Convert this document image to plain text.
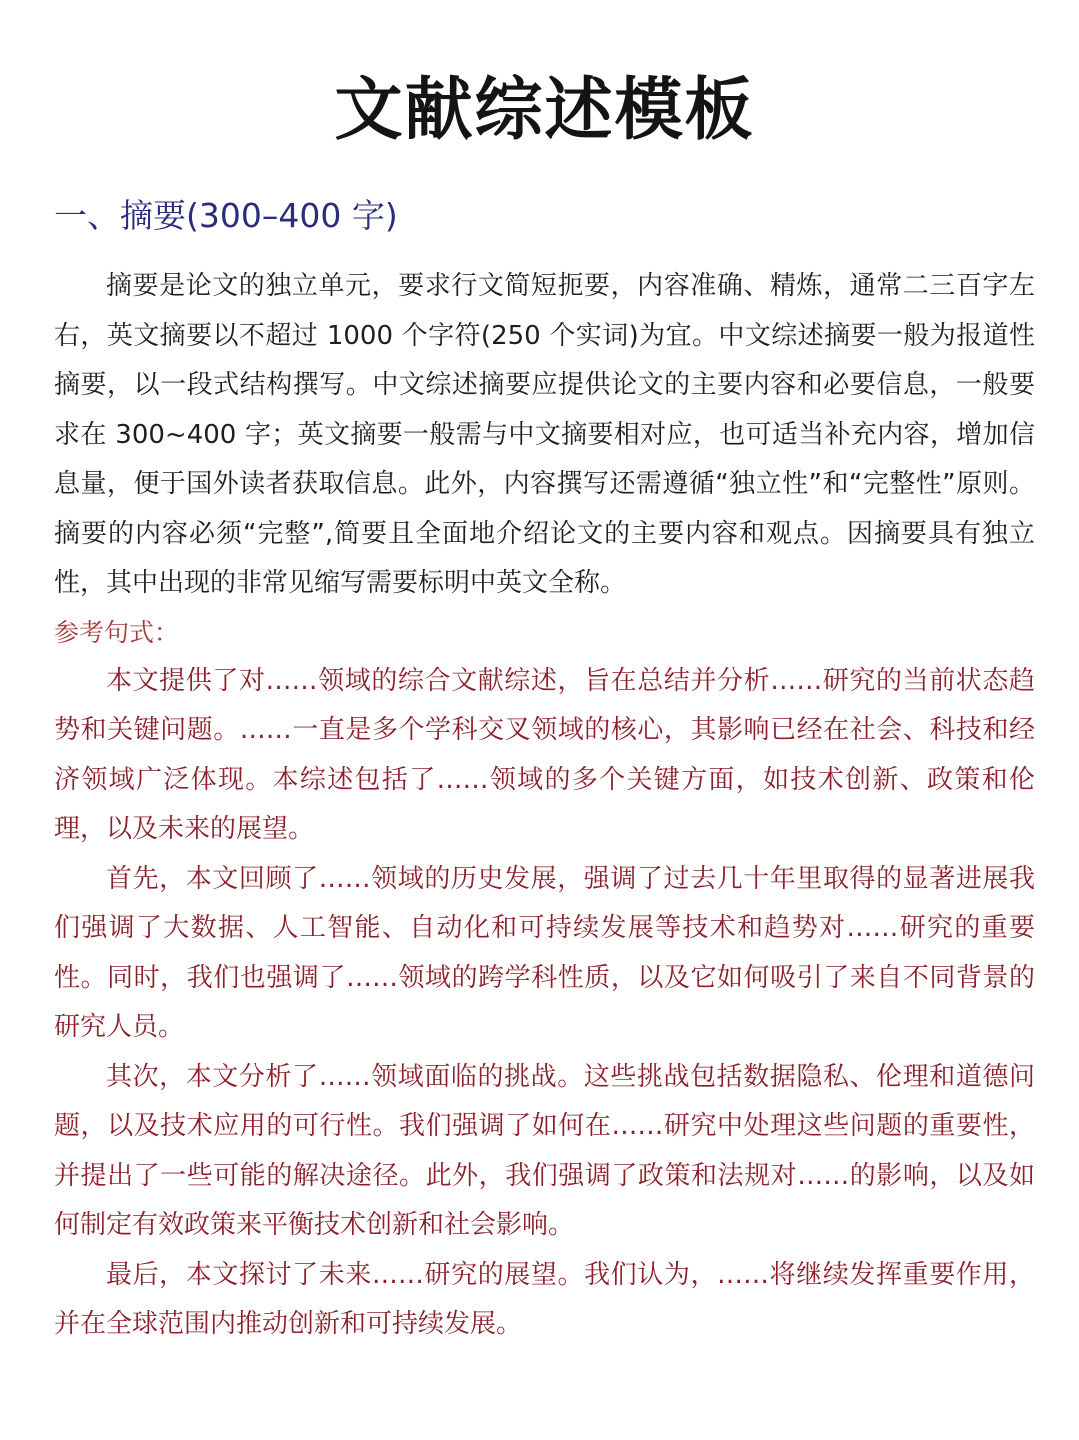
文献综述模板
一、摘要(300–400 字)

摘要是论文的独立单元，要求行文简短扼要，内容准确、精炼，通常二三百字左右，英文摘要以不超过 1000 个字符(250 个实词)为宜。中文综述摘要一般为报道性摘要，以一段式结构撰写。中文综述摘要应提供论文的主要内容和必要信息，一般要求在 300~400 字；英文摘要一般需与中文摘要相对应，也可适当补充内容，增加信息量，便于国外读者获取信息。此外，内容撰写还需遵循“独立性”和“完整性”原则。摘要的内容必须“完整”,简要且全面地介绍论文的主要内容和观点。因摘要具有独立性，其中出现的非常见缩写需要标明中英文全称。

参考句式：

本文提供了对……领域的综合文献综述，旨在总结并分析……研究的当前状态趋势和关键问题。……一直是多个学科交叉领域的核心，其影响已经在社会、科技和经济领域广泛体现。本综述包括了……领域的多个关键方面，如技术创新、政策和伦理，以及未来的展望。

首先，本文回顾了……领域的历史发展，强调了过去几十年里取得的显著进展我们强调了大数据、人工智能、自动化和可持续发展等技术和趋势对……研究的重要性。同时，我们也强调了……领域的跨学科性质，以及它如何吸引了来自不同背景的研究人员。

其次，本文分析了……领域面临的挑战。这些挑战包括数据隐私、伦理和道德问题，以及技术应用的可行性。我们强调了如何在……研究中处理这些问题的重要性，并提出了一些可能的解决途径。此外，我们强调了政策和法规对……的影响，以及如何制定有效政策来平衡技术创新和社会影响。

最后，本文探讨了未来……研究的展望。我们认为，……将继续发挥重要作用，并在全球范围内推动创新和可持续发展。
